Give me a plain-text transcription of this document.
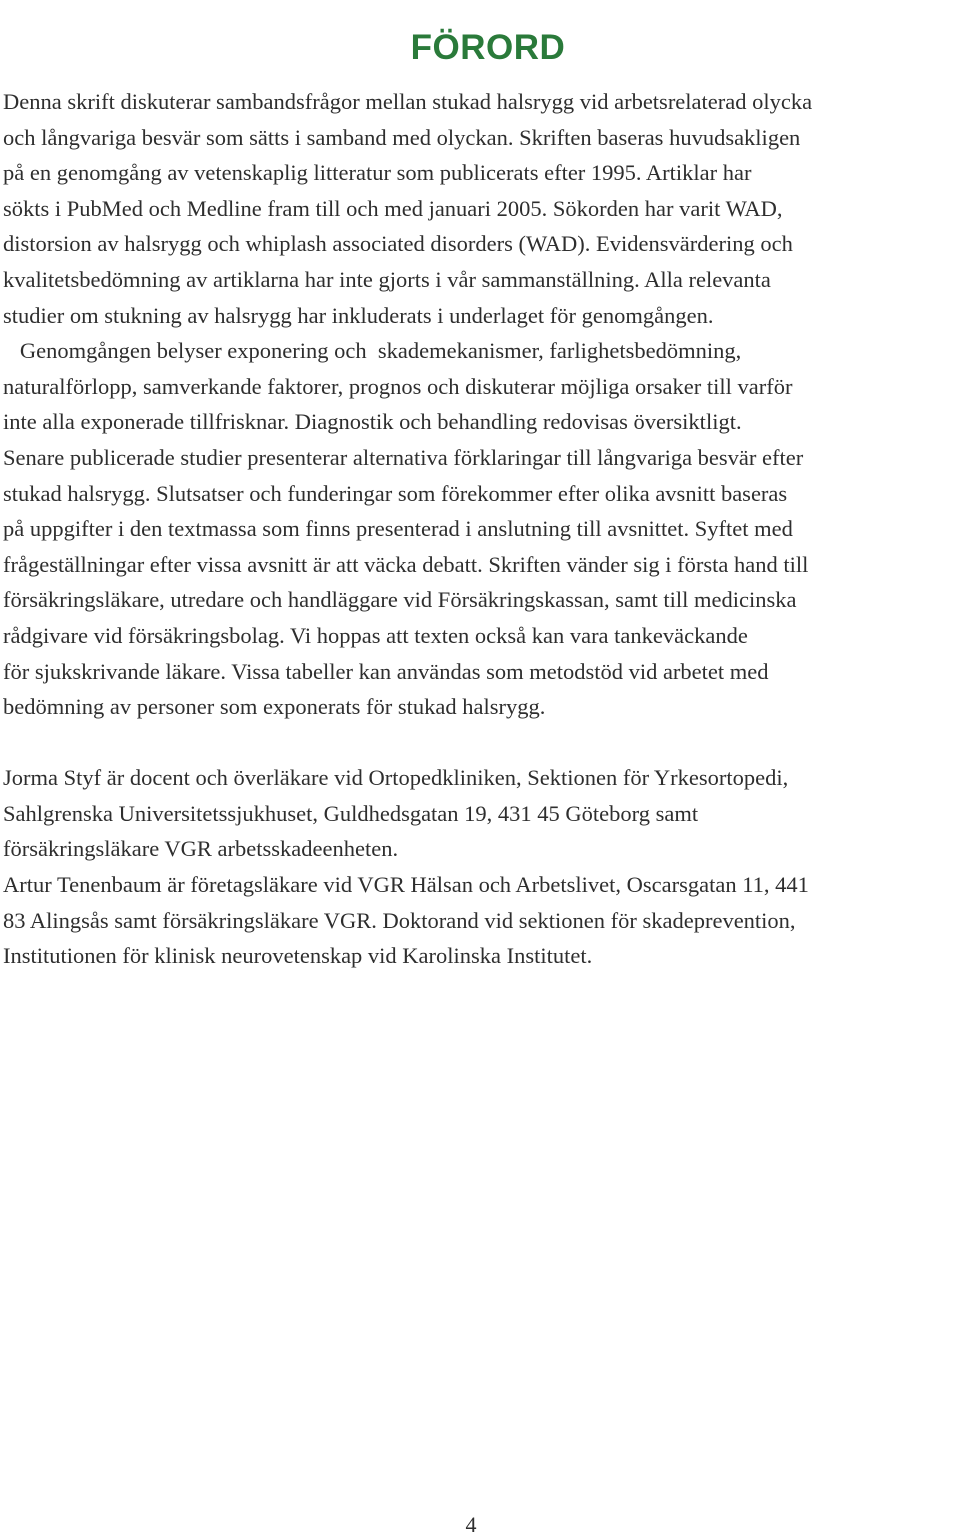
FÖRORD
Denna skrift diskuterar sambandsfrågor mellan stukad halsrygg vid arbetsrelaterad olycka
och långvariga besvär som sätts i samband med olyckan. Skriften baseras huvudsakligen
på en genomgång av vetenskaplig litteratur som publicerats efter 1995. Artiklar har
sökts i PubMed och Medline fram till och med januari 2005. Sökorden har varit WAD,
distorsion av halsrygg och whiplash associated disorders (WAD). Evidensvärdering och
kvalitetsbedömning av artiklarna har inte gjorts i vår sammanställning. Alla relevanta
studier om stukning av halsrygg har inkluderats i underlaget för genomgången.
Genomgången belyser exponering och  skademekanismer, farlighetsbedömning,
naturalförlopp, samverkande faktorer, prognos och diskuterar möjliga orsaker till varför
inte alla exponerade tillfrisknar. Diagnostik och behandling redovisas översiktligt.
Senare publicerade studier presenterar alternativa förklaringar till långvariga besvär efter
stukad halsrygg. Slutsatser och funderingar som förekommer efter olika avsnitt baseras
på uppgifter i den textmassa som finns presenterad i anslutning till avsnittet. Syftet med
frågeställningar efter vissa avsnitt är att väcka debatt. Skriften vänder sig i första hand till
försäkringsläkare, utredare och handläggare vid Försäkringskassan, samt till medicinska
rådgivare vid försäkringsbolag. Vi hoppas att texten också kan vara tankeväckande
för sjukskrivande läkare. Vissa tabeller kan användas som metodstöd vid arbetet med
bedömning av personer som exponerats för stukad halsrygg.
Jorma Styf är docent och överläkare vid Ortopedkliniken, Sektionen för Yrkesortopedi,
Sahlgrenska Universitetssjukhuset, Guldhedsgatan 19, 431 45 Göteborg samt
försäkringsläkare VGR arbetsskadeenheten.
Artur Tenenbaum är företagsläkare vid VGR Hälsan och Arbetslivet, Oscarsgatan 11, 441
83 Alingsås samt försäkringsläkare VGR. Doktorand vid sektionen för skadeprevention,
Institutionen för klinisk neurovetenskap vid Karolinska Institutet.
4
